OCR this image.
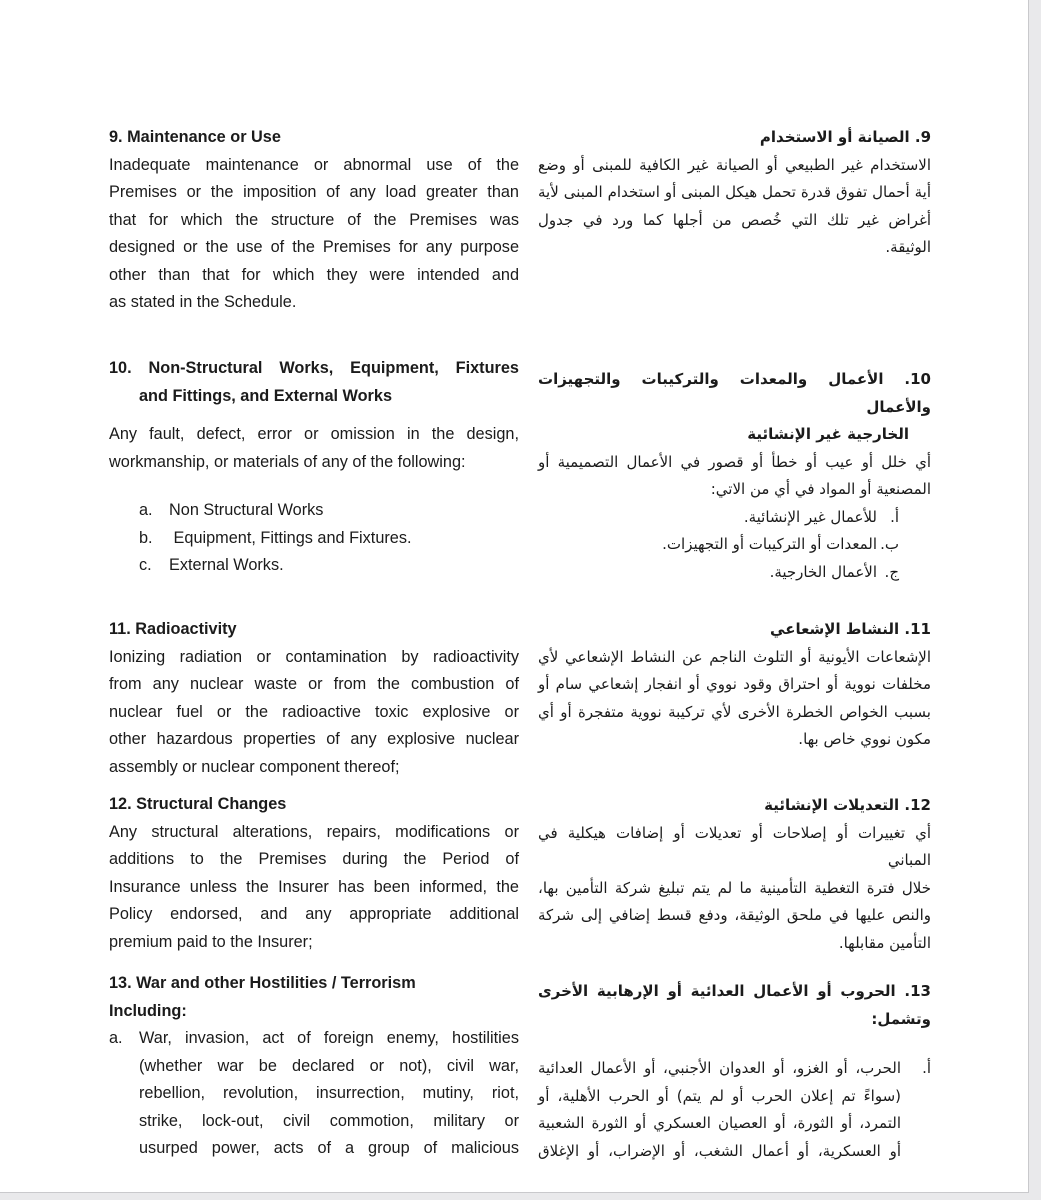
9. Maintenance or Use

Inadequate maintenance or abnormal use of the

Premises or the imposition of any load greater than

that for which the structure of the Premises was

designed or the use of the Premises for any purpose

other than that for which they were intended and

as stated in the Schedule.

9. الصيانة أو الاستخدام

الاستخدام غير الطبيعي أو الصيانة غير الكافية للمبنى أو وضع

أية أحمال تفوق قدرة تحمل هيكل المبنى أو استخدام المبنى لأية

أغراض غير تلك التي خُصص من أجلها كما ورد في جدول

الوثيقة.

10. Non-Structural Works, Equipment, Fixtures

and Fittings, and External Works

Any fault, defect, error or omission in the design,

workmanship, or materials of any of the following:

a.	Non Structural Works
b.	Equipment, Fittings and Fixtures.
c.	External Works.

10. الأعمال والمعدات والتركيبات والتجهيزات والأعمال

الخارجية غير الإنشائية

أي خلل أو عيب أو خطأ أو قصور في الأعمال التصميمية أو

المصنعية أو المواد في أي من الاتي:

أ.
للأعمال غير الإنشائية.
ب.
المعدات أو التركيبات أو التجهيزات.
ج.
الأعمال الخارجية.

11. Radioactivity

Ionizing radiation or contamination by radioactivity

from any nuclear waste or from the combustion of

nuclear fuel or the radioactive toxic explosive or

other hazardous properties of any explosive nuclear

assembly or nuclear component thereof;

11. النشاط الإشعاعي

الإشعاعات الأيونية أو التلوث الناجم عن النشاط الإشعاعي لأي

مخلفات نووية أو احتراق وقود نووي أو انفجار إشعاعي سام أو

بسبب الخواص الخطرة الأخرى لأي تركيبة نووية متفجرة أو أي

مكون نووي خاص بها.

12. Structural Changes

Any structural alterations, repairs, modifications or

additions to the Premises during the Period of

Insurance unless the Insurer has been informed, the

Policy endorsed, and any appropriate additional

premium paid to the Insurer;

12. التعديلات الإنشائية

أي تغييرات أو إصلاحات أو تعديلات أو إضافات هيكلية في المباني

خلال فترة التغطية التأمينية ما لم يتم تبليغ شركة التأمين بها،

والنص عليها في ملحق الوثيقة، ودفع قسط إضافي إلى شركة

التأمين مقابلها.

13. War and other Hostilities / Terrorism

Including:

a.	War, invasion, act of foreign enemy, hostilities

(whether war be declared or not), civil war,

rebellion, revolution, insurrection, mutiny, riot,

strike, lock-out, civil commotion, military or

usurped power, acts of a group of malicious

13. الحروب أو الأعمال العدائية أو الإرهابية الأخرى وتشمل:

أ.

الحرب، أو الغزو، أو العدوان الأجنبي، أو الأعمال العدائية

(سواءً تم إعلان الحرب أو لم يتم) أو الحرب الأهلية، أو

التمرد، أو الثورة، أو العصيان العسكري أو الثورة الشعبية

أو العسكرية، أو أعمال الشغب، أو الإضراب، أو الإغلاق
